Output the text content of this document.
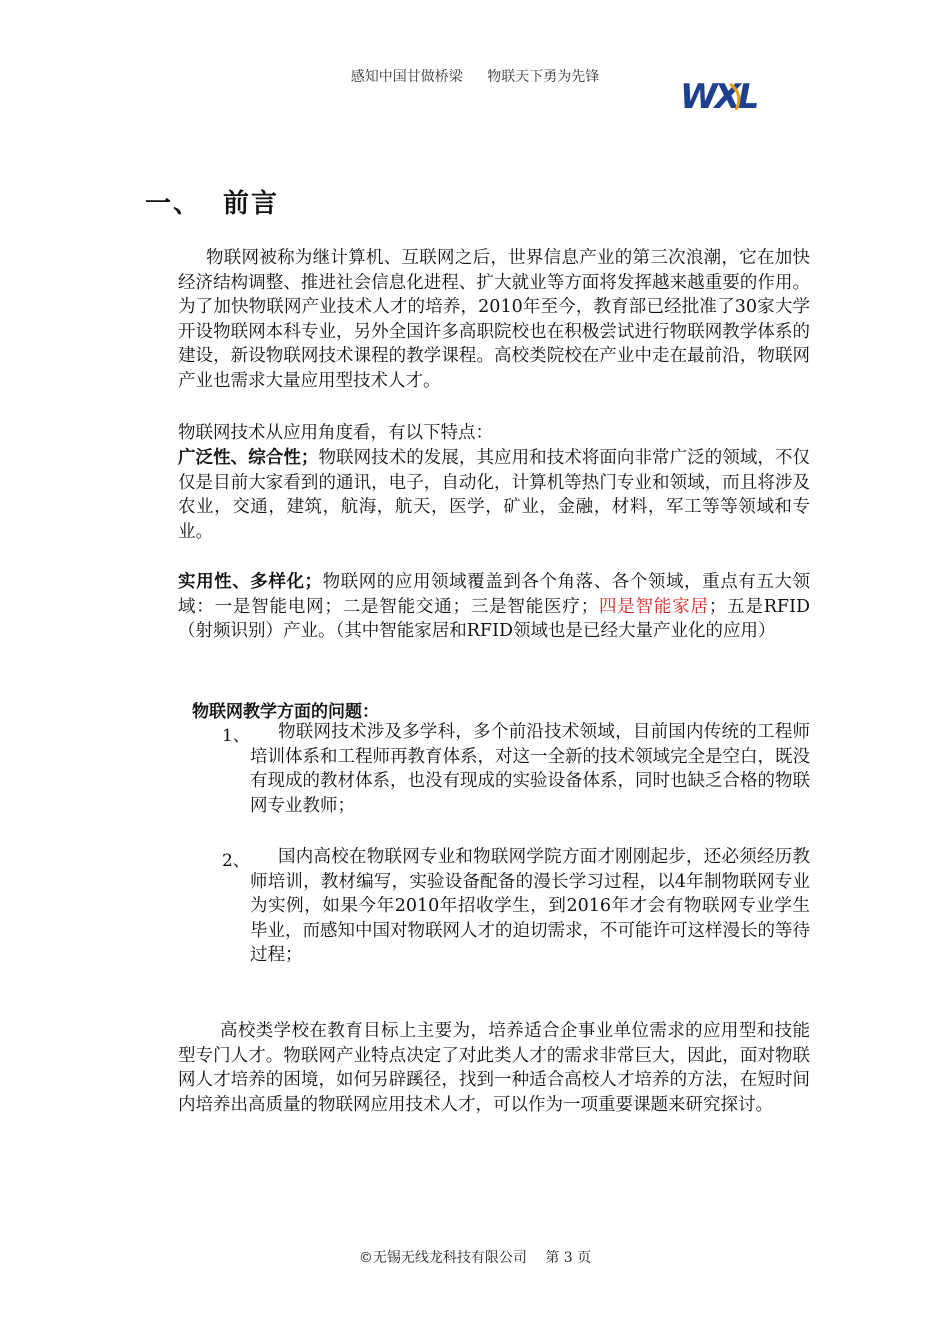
感知中国甘做桥梁 物联天下勇为先锋	WXL
一、 前言

物联网被称为继计算机、互联网之后，世界信息产业的第三次浪潮，它在加快经济结构调整、推进社会信息化进程、扩大就业等方面将发挥越来越重要的作用。为了加快物联网产业技术人才的培养，2010年至今，教育部已经批准了30家大学开设物联网本科专业，另外全国许多高职院校也在积极尝试进行物联网教学体系的建设，新设物联网技术课程的教学课程。高校类院校在产业中走在最前沿，物联网产业也需求大量应用型技术人才。

物联网技术从应用角度看，有以下特点：

广泛性、综合性；物联网技术的发展，其应用和技术将面向非常广泛的领域，不仅仅是目前大家看到的通讯，电子，自动化，计算机等热门专业和领域，而且将涉及农业，交通，建筑，航海，航天，医学，矿业，金融，材料，军工等等领域和专业。

实用性、多样化；物联网的应用领域覆盖到各个角落、各个领域，重点有五大领域：一是智能电网；二是智能交通；三是智能医疗；四是智能家居；五是RFID（射频识别）产业。（其中智能家居和RFID领域也是已经大量产业化的应用）

物联网教学方面的问题：
1、	物联网技术涉及多学科，多个前沿技术领域，目前国内传统的工程师培训体系和工程师再教育体系，对这一全新的技术领域完全是空白，既没有现成的教材体系，也没有现成的实验设备体系，同时也缺乏合格的物联网专业教师；

2、	国内高校在物联网专业和物联网学院方面才刚刚起步，还必须经历教师培训，教材编写，实验设备配备的漫长学习过程，以4年制物联网专业为实例，如果今年2010年招收学生，到2016年才会有物联网专业学生毕业，而感知中国对物联网人才的迫切需求，不可能许可这样漫长的等待过程；

高校类学校在教育目标上主要为，培养适合企事业单位需求的应用型和技能型专门人才。物联网产业特点决定了对此类人才的需求非常巨大，因此，面对物联网人才培养的困境，如何另辟蹊径，找到一种适合高校人才培养的方法，在短时间内培养出高质量的物联网应用技术人才，可以作为一项重要课题来研究探讨。

©无锡无线龙科技有限公司 第 3 页
